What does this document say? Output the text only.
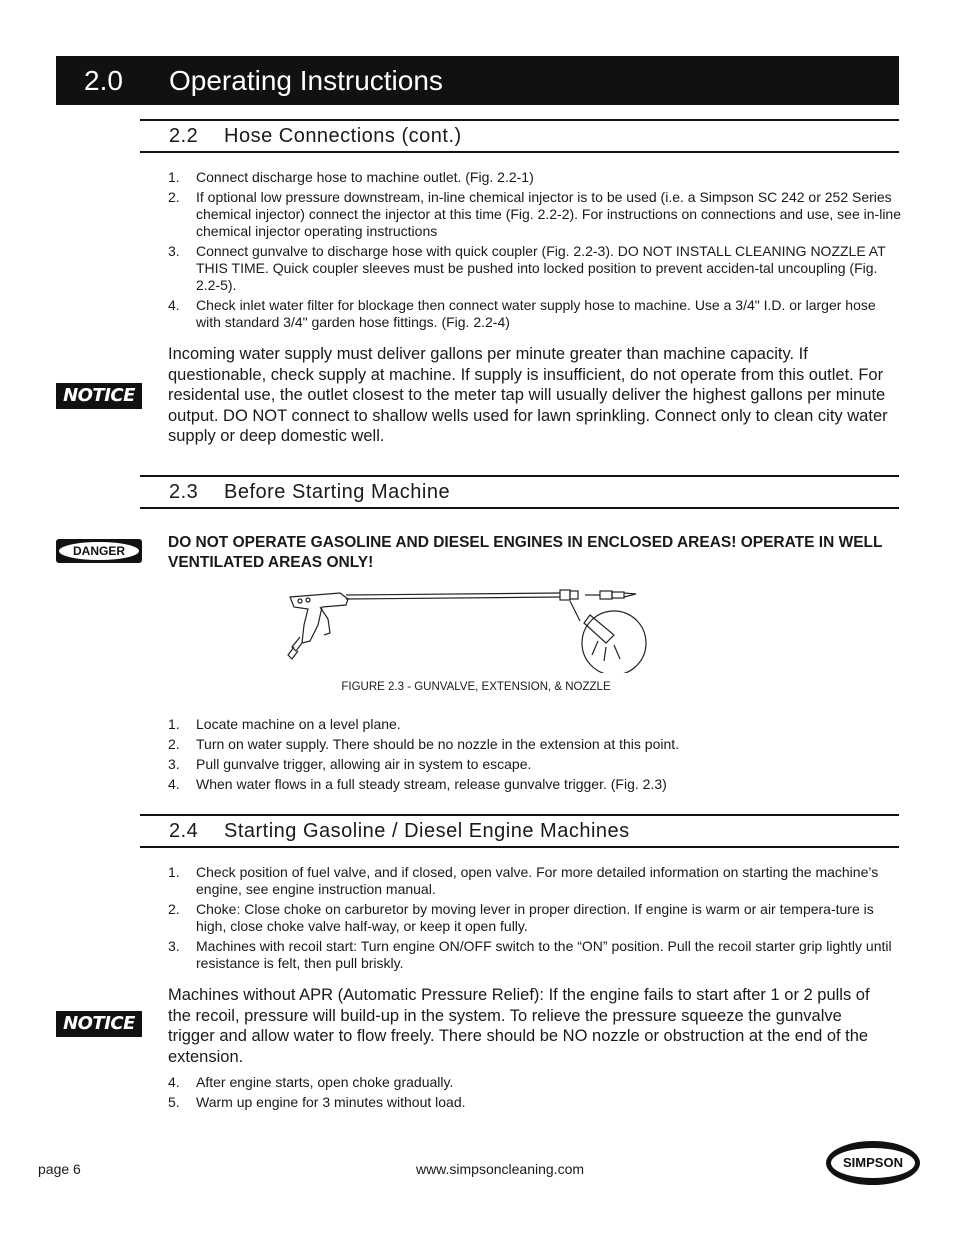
2.0 Operating Instructions
2.2 Hose Connections (cont.)
1. Connect discharge hose to machine outlet. (Fig. 2.2-1)
2. If optional low pressure downstream, in-line chemical injector is to be used (i.e. a Simpson SC 242 or 252 Series chemical injector) connect the injector at this time (Fig. 2.2-2). For instructions on connections and use, see in-line chemical injector operating instructions
3. Connect gunvalve to discharge hose with quick coupler (Fig. 2.2-3). DO NOT INSTALL CLEANING NOZZLE AT THIS TIME. Quick coupler sleeves must be pushed into locked position to prevent acciden-tal uncoupling (Fig. 2.2-5).
4. Check inlet water filter for blockage then connect water supply hose to machine. Use a 3/4" I.D. or larger hose with standard 3/4" garden hose fittings. (Fig. 2.2-4)
NOTICE
Incoming water supply must deliver gallons per minute greater than machine capacity. If questionable, check supply at machine. If supply is insufficient, do not operate from this outlet. For residental use, the outlet closest to the meter tap will usually deliver the highest gallons per minute output. DO NOT connect to shallow wells used for lawn sprinkling. Connect only to clean city water supply or deep domestic well.
2.3 Before Starting Machine
DANGER	DO NOT OPERATE GASOLINE AND DIESEL ENGINES IN ENCLOSED AREAS! OPERATE IN WELL VENTILATED AREAS ONLY!
FIGURE 2.3 - GUNVALVE, EXTENSION, & NOZZLE
1. Locate machine on a level plane.
2. Turn on water supply. There should be no nozzle in the extension at this point.
3. Pull gunvalve trigger, allowing air in system to escape.
4. When water flows in a full steady stream, release gunvalve trigger. (Fig. 2.3)
2.4 Starting Gasoline / Diesel Engine Machines
1. Check position of fuel valve, and if closed, open valve. For more detailed information on starting the machine’s engine, see engine instruction manual.
2. Choke: Close choke on carburetor by moving lever in proper direction. If engine is warm or air tempera-ture is high, close choke valve half-way, or keep it open fully.
3. Machines with recoil start: Turn engine ON/OFF switch to the “ON” position. Pull the recoil starter grip lightly until resistance is felt, then pull briskly.
NOTICE
Machines without APR (Automatic Pressure Relief): If the engine fails to start after 1 or 2 pulls of the recoil, pressure will build-up in the system. To relieve the pressure squeeze the gunvalve trigger and allow water to flow freely. There should be NO nozzle or obstruction at the end of the extension.
4. After engine starts, open choke gradually.
5. Warm up engine for 3 minutes without load.
page 6	www.simpsoncleaning.com	SIMPSON
